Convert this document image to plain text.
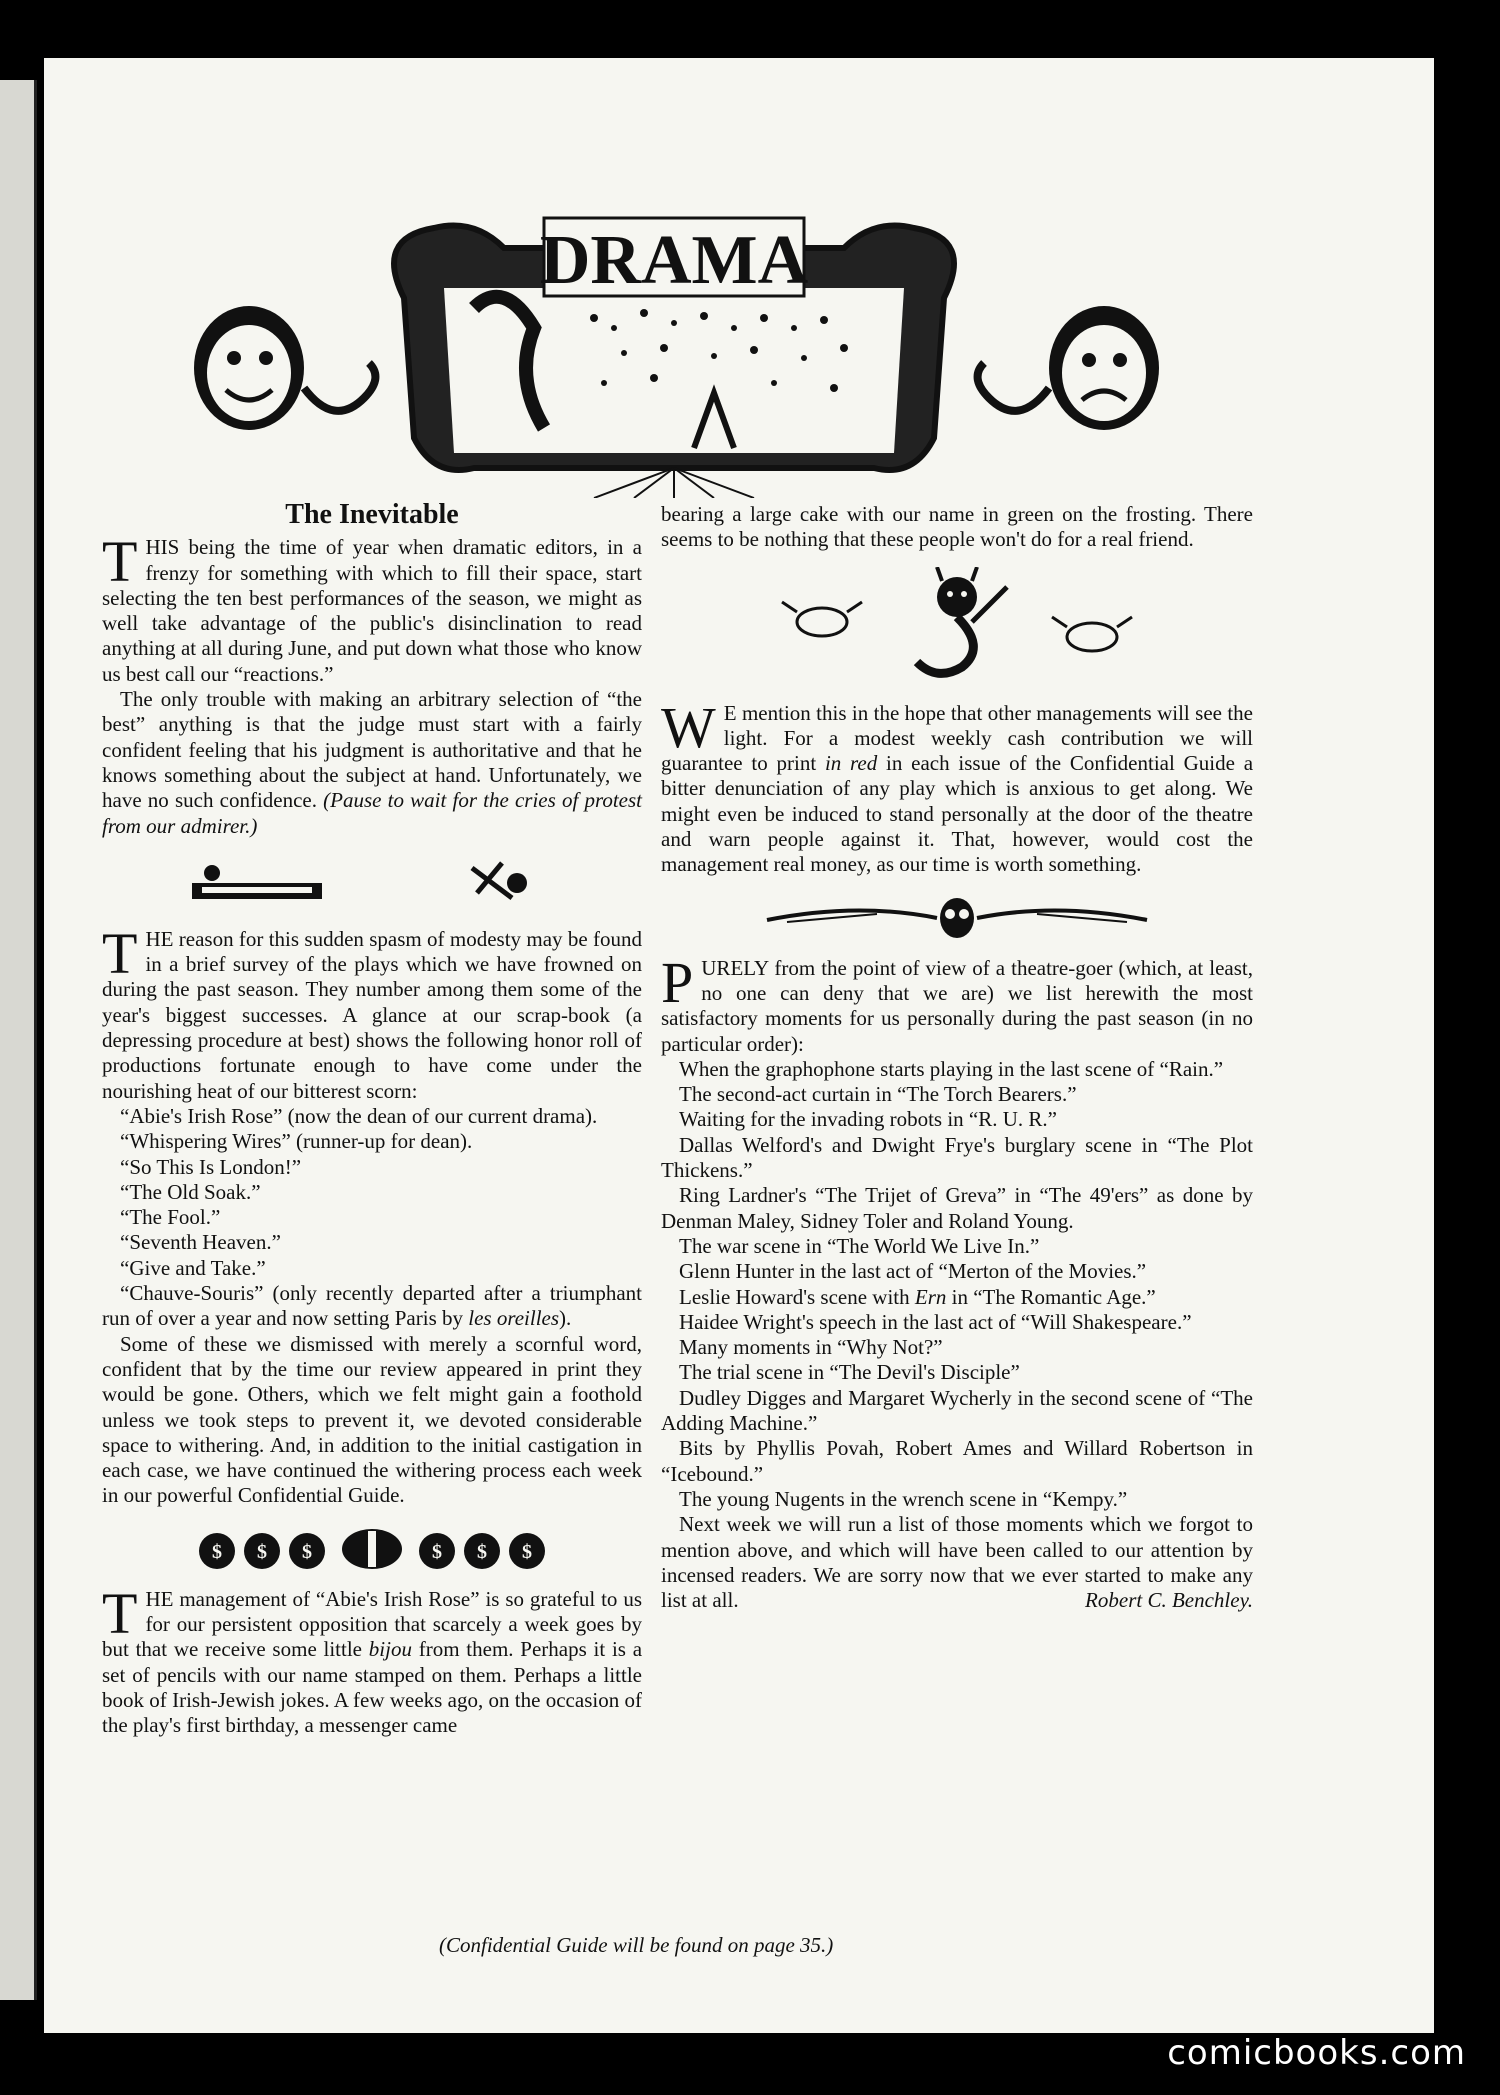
DRAMA
The Inevitable

THIS being the time of year when dramatic editors, in a frenzy for something with which to fill their space, start selecting the ten best performances of the season, we might as well take advantage of the public's disinclination to read anything at all during June, and put down what those who know us best call our “reactions.”

The only trouble with making an arbitrary selection of “the best” anything is that the judge must start with a fairly confident feeling that his judgment is authoritative and that he knows something about the subject at hand. Unfortunately, we have no such confidence. (Pause to wait for the cries of protest from our admirer.)

THE reason for this sudden spasm of modesty may be found in a brief survey of the plays which we have frowned on during the past season. They number among them some of the year's biggest successes. A glance at our scrap-book (a depressing procedure at best) shows the following honor roll of productions fortunate enough to have come under the nourishing heat of our bitterest scorn:

“Abie's Irish Rose” (now the dean of our current drama).

“Whispering Wires” (runner-up for dean).

“So This Is London!”

“The Old Soak.”

“The Fool.”

“Seventh Heaven.”

“Give and Take.”

“Chauve-Souris” (only recently departed after a triumphant run of over a year and now setting Paris by les oreilles).

Some of these we dismissed with merely a scornful word, confident that by the time our review appeared in print they would be gone. Others, which we felt might gain a foothold unless we took steps to prevent it, we devoted considerable space to withering. And, in addition to the initial castigation in each case, we have continued the withering process each week in our powerful Confidential Guide.

$ $ $	$ $ $

THE management of “Abie's Irish Rose” is so grateful to us for our persistent opposition that scarcely a week goes by but that we receive some little bijou from them. Perhaps it is a set of pencils with our name stamped on them. Perhaps a little book of Irish-Jewish jokes. A few weeks ago, on the occasion of the play's first birthday, a messenger came

bearing a large cake with our name in green on the frosting. There seems to be nothing that these people won't do for a real friend.

W E mention this in the hope that other managements will see the light. For a modest weekly cash contribution we will guarantee to print in red in each issue of the Confidential Guide a bitter denunciation of any play which is anxious to get along. We might even be induced to stand personally at the door of the theatre and warn people against it. That, however, would cost the management real money, as our time is worth something.

PURELY from the point of view of a theatre-goer (which, at least, no one can deny that we are) we list herewith the most satisfactory moments for us personally during the past season (in no particular order):

When the graphophone starts playing in the last scene of “Rain.”

The second-act curtain in “The Torch Bearers.”

Waiting for the invading robots in “R. U. R.”

Dallas Welford's and Dwight Frye's burglary scene in “The Plot Thickens.”

Ring Lardner's “The Trijet of Greva” in “The 49'ers” as done by Denman Maley, Sidney Toler and Roland Young.

The war scene in “The World We Live In.”

Glenn Hunter in the last act of “Merton of the Movies.”

Leslie Howard's scene with Ern in “The Romantic Age.”

Haidee Wright's speech in the last act of “Will Shakespeare.”

Many moments in “Why Not?”

The trial scene in “The Devil's Disciple”

Dudley Digges and Margaret Wycherly in the second scene of “The Adding Machine.”

Bits by Phyllis Povah, Robert Ames and Willard Robertson in “Icebound.”

The young Nugents in the wrench scene in “Kempy.”

Next week we will run a list of those moments which we forgot to mention above, and which will have been called to our attention by incensed readers. We are sorry now that we ever started to make any list at all.	Robert C. Benchley.

(Confidential Guide will be found on page 35.)
comicbooks.com
